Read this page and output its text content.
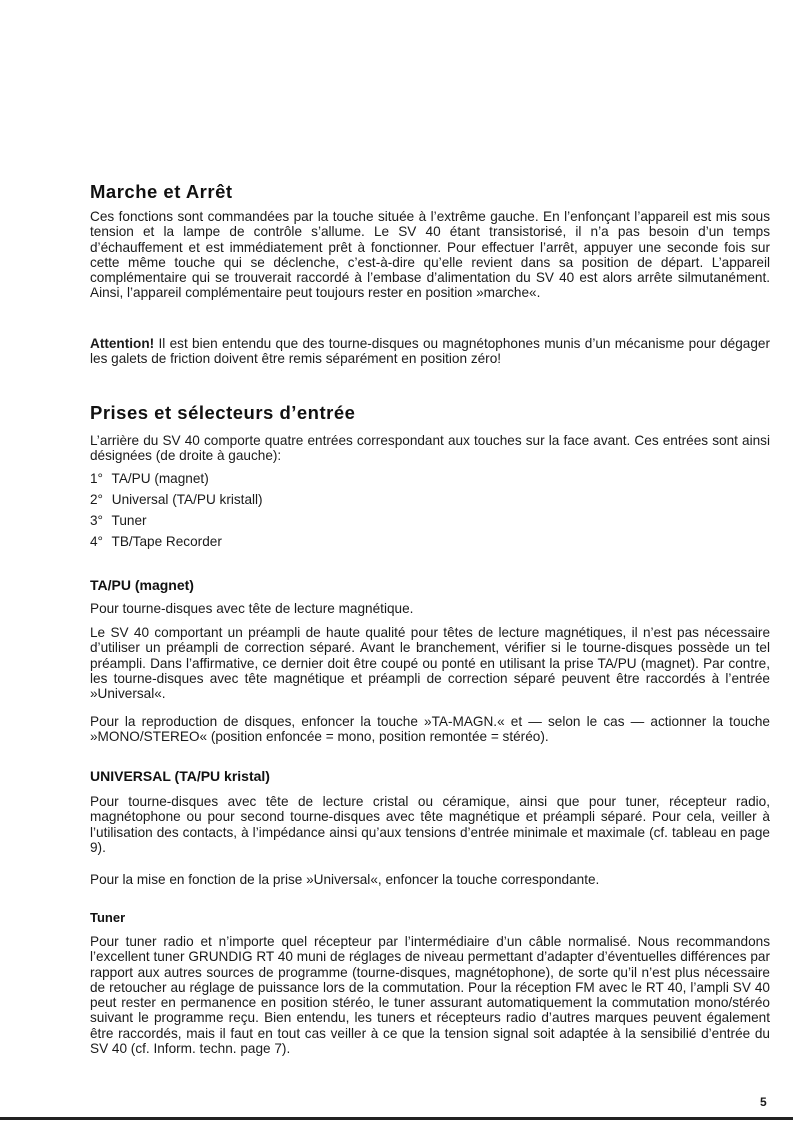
Marche et Arrêt

Ces fonctions sont commandées par la touche située à l’extrême gauche. En l’enfonçant l’appareil est mis sous tension et la lampe de contrôle s’allume. Le SV 40 étant transistorisé, il n’a pas besoin d’un temps d’échauffement et est immédiatement prêt à fonctionner. Pour effectuer l’arrêt, appuyer une seconde fois sur cette même touche qui se déclenche, c’est-à-dire qu’elle revient dans sa position de départ. L’appareil complémentaire qui se trouverait raccordé à l’embase d’alimentation du SV 40 est alors arrête silmutanément. Ainsi, l’appareil complémentaire peut toujours rester en position »marche«.

Attention! Il est bien entendu que des tourne-disques ou magnétophones munis d’un mécanisme pour dégager les galets de friction doivent être remis séparément en position zéro!

Prises et sélecteurs d’entrée

L’arrière du SV 40 comporte quatre entrées correspondant aux touches sur la face avant. Ces entrées sont ainsi désignées (de droite à gauche):

1° TA/PU (magnet)
2° Universal (TA/PU kristall)
3° Tuner
4° TB/Tape Recorder
TA/PU (magnet)

Pour tourne-disques avec tête de lecture magnétique.

Le SV 40 comportant un préampli de haute qualité pour têtes de lecture magnétiques, il n’est pas nécessaire d’utiliser un préampli de correction séparé. Avant le branchement, vérifier si le tourne-disques possède un tel préampli. Dans l’affirmative, ce dernier doit être coupé ou ponté en utilisant la prise TA/PU (magnet). Par contre, les tourne-disques avec tête magnétique et préampli de correction séparé peuvent être raccordés à l’entrée »Universal«.

Pour la reproduction de disques, enfoncer la touche »TA-MAGN.« et — selon le cas — actionner la touche »MONO/STEREO« (position enfoncée = mono, position remontée = stéréo).

UNIVERSAL (TA/PU kristal)

Pour tourne-disques avec tête de lecture cristal ou céramique, ainsi que pour tuner, récepteur radio, magnétophone ou pour second tourne-disques avec tête magnétique et préampli séparé. Pour cela, veiller à l’utilisation des contacts, à l’impédance ainsi qu’aux tensions d’entrée minimale et maximale (cf. tableau en page 9).

Pour la mise en fonction de la prise »Universal«, enfoncer la touche correspondante.

Tuner

Pour tuner radio et n’importe quel récepteur par l’intermédiaire d’un câble normalisé. Nous recommandons l’excellent tuner GRUNDIG RT 40 muni de réglages de niveau permettant d’adapter d’éventuelles différences par rapport aux autres sources de programme (tourne-disques, magnétophone), de sorte qu’il n’est plus nécessaire de retoucher au réglage de puissance lors de la commutation. Pour la réception FM avec le RT 40, l’ampli SV 40 peut rester en permanence en position stéréo, le tuner assurant automatiquement la commutation mono/stéréo suivant le programme reçu. Bien entendu, les tuners et récepteurs radio d’autres marques peuvent également être raccordés, mais il faut en tout cas veiller à ce que la tension signal soit adaptée à la sensibilié d’entrée du SV 40 (cf. Inform. techn. page 7).

5
